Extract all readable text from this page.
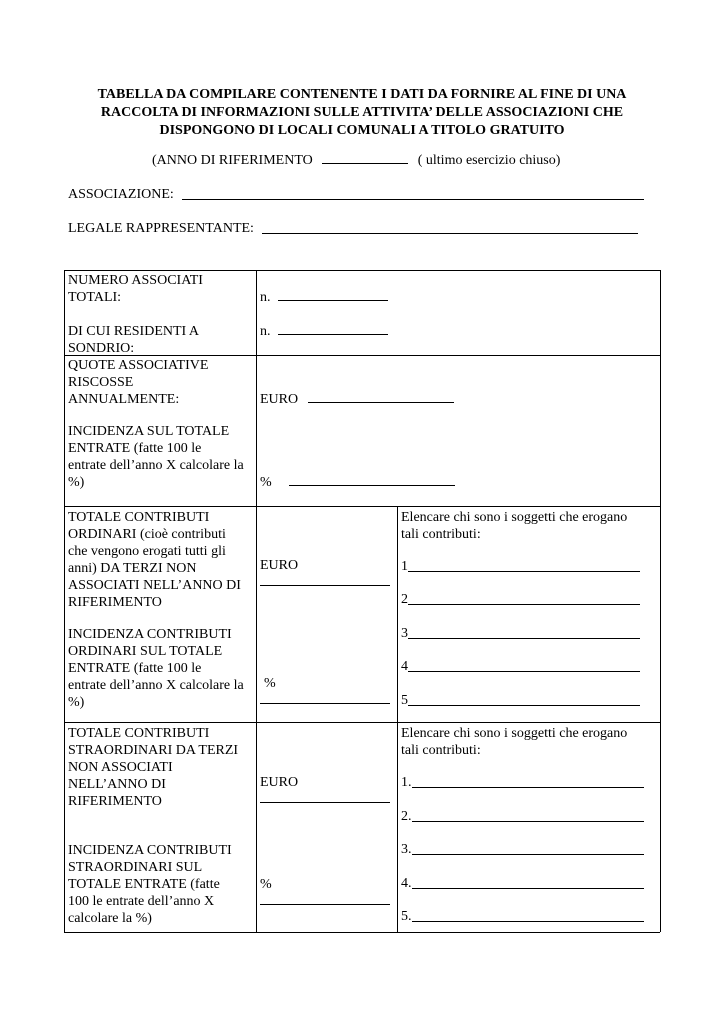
TABELLA DA COMPILARE CONTENENTE I DATI DA FORNIRE AL FINE DI UNA
RACCOLTA DI INFORMAZIONI SULLE ATTIVITA’ DELLE ASSOCIAZIONI CHE
DISPONGONO DI LOCALI COMUNALI A TITOLO GRATUITO
(ANNO DI RIFERIMENTO	( ultimo esercizio chiuso)
ASSOCIAZIONE:
LEGALE RAPPRESENTANTE:
NUMERO ASSOCIATI
TOTALI:
DI CUI RESIDENTI A
SONDRIO:
n.
n.
QUOTE ASSOCIATIVE
RISCOSSE
ANNUALMENTE:
INCIDENZA SUL TOTALE
ENTRATE (fatte 100 le
entrate dell’anno X calcolare la
%)
EURO
%
TOTALE CONTRIBUTI
ORDINARI (cioè contributi
che vengono erogati tutti gli
anni) DA TERZI NON
ASSOCIATI NELL’ANNO DI
RIFERIMENTO
INCIDENZA CONTRIBUTI
ORDINARI SUL TOTALE
ENTRATE (fatte 100 le
entrate dell’anno X calcolare la
%)
EURO
%
Elencare chi sono i soggetti che erogano
tali contributi:
1
2
3
4
5
TOTALE CONTRIBUTI
STRAORDINARI DA TERZI
NON ASSOCIATI
NELL’ANNO DI
RIFERIMENTO
INCIDENZA CONTRIBUTI
STRAORDINARI SUL
TOTALE ENTRATE (fatte
100 le entrate dell’anno X
calcolare la %)
EURO
%
Elencare chi sono i soggetti che erogano
tali contributi:
1.
2.
3.
4.
5.
